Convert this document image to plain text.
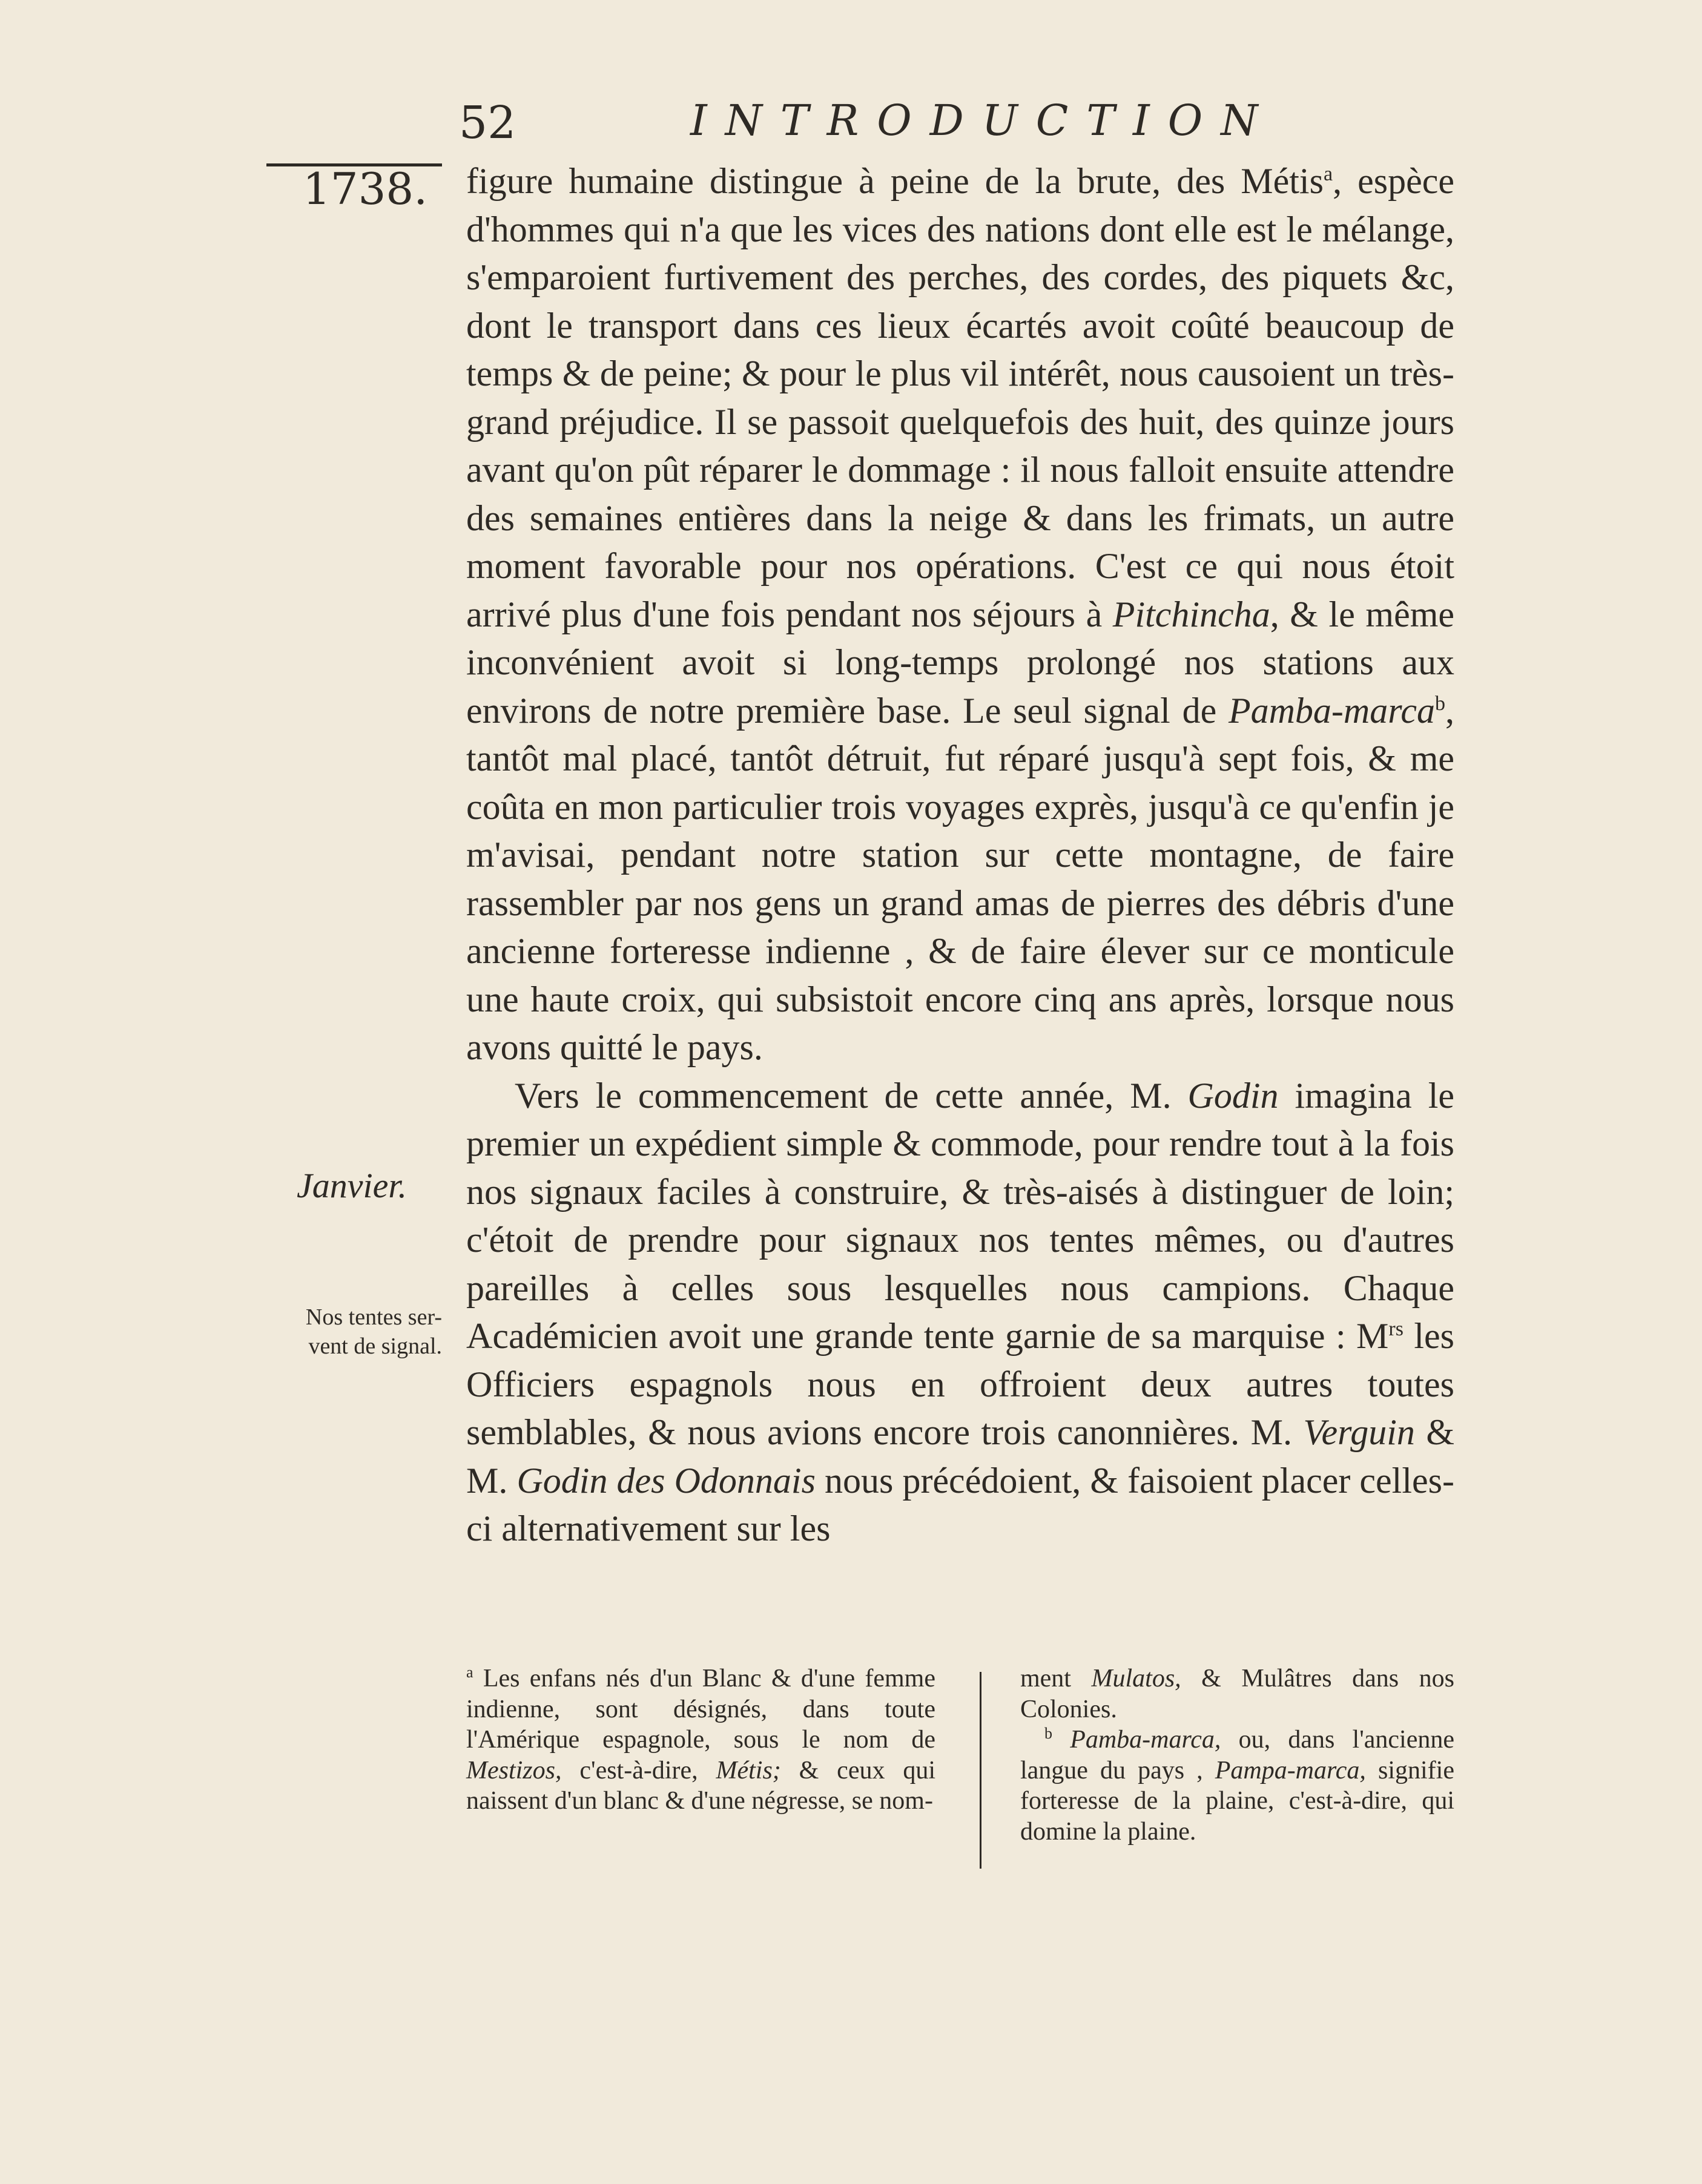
52	INTRODUCTION
1738.
Janvier.
Nos tentes ser-vent de signal.

figure humaine distingue à peine de la brute, des Métis$^a$, espèce d'hommes qui n'a que les vices des nations dont elle est le mélange, s'emparoient furtivement des perches, des cordes, des piquets &c, dont le transport dans ces lieux écartés avoit coûté beaucoup de temps & de peine; & pour le plus vil intérêt, nous causoient un très-grand préjudice. Il se passoit quelquefois des huit, des quinze jours avant qu'on pût réparer le dommage : il nous falloit ensuite attendre des semaines entières dans la neige & dans les frimats, un autre moment favorable pour nos opérations. C'est ce qui nous étoit arrivé plus d'une fois pendant nos séjours à Pitchincha, & le même inconvénient avoit si long-temps prolongé nos stations aux environs de notre première base. Le seul signal de Pamba-marca$^b$, tantôt mal placé, tantôt détruit, fut réparé jusqu'à sept fois, & me coûta en mon particulier trois voyages exprès, jusqu'à ce qu'enfin je m'avisai, pendant notre station sur cette montagne, de faire rassembler par nos gens un grand amas de pierres des débris d'une ancienne forteresse indienne , & de faire élever sur ce monticule une haute croix, qui subsistoit encore cinq ans après, lorsque nous avons quitté le pays.

Vers le commencement de cette année, M. Godin imagina le premier un expédient simple & commode, pour rendre tout à la fois nos signaux faciles à construire, & très-aisés à distinguer de loin; c'étoit de prendre pour signaux nos tentes mêmes, ou d'autres pareilles à celles sous lesquelles nous campions. Chaque Académicien avoit une grande tente garnie de sa marquise : $M^{rs}$ les Officiers espagnols nous en offroient deux autres toutes semblables, & nous avions encore trois canonnières. M. Verguin & M. Godin des Odonnais nous précédoient, & faisoient placer celles-ci alternativement sur les

$^a$ Les enfans nés d'un Blanc & d'une femme indienne, sont désignés, dans toute l'Amérique espagnole, sous le nom de Mestizos, c'est-à-dire, Métis; & ceux qui naissent d'un blanc & d'une négresse, se nom-

ment Mulatos, & Mulâtres dans nos Colonies.

$^b$ Pamba-marca, ou, dans l'ancienne langue du pays , Pampa-marca, signifie forteresse de la plaine, c'est-à-dire, qui domine la plaine.
